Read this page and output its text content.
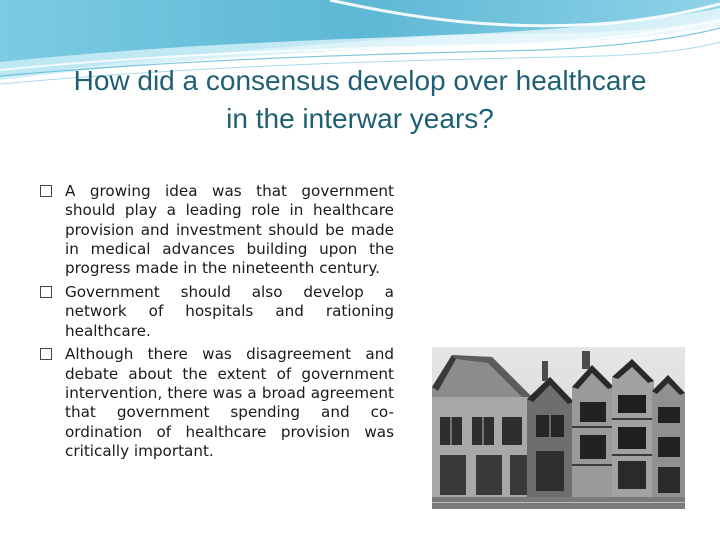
How did a consensus develop over healthcare in the interwar years?
A growing idea was that government should play a leading role in healthcare provision and investment should be made in medical advances building upon the progress made in the nineteenth century.
Government should also develop a network of hospitals and rationing healthcare.
Although there was disagreement and debate about the extent of government intervention, there was a broad agreement that government spending and co-ordination of healthcare provision was critically important.
